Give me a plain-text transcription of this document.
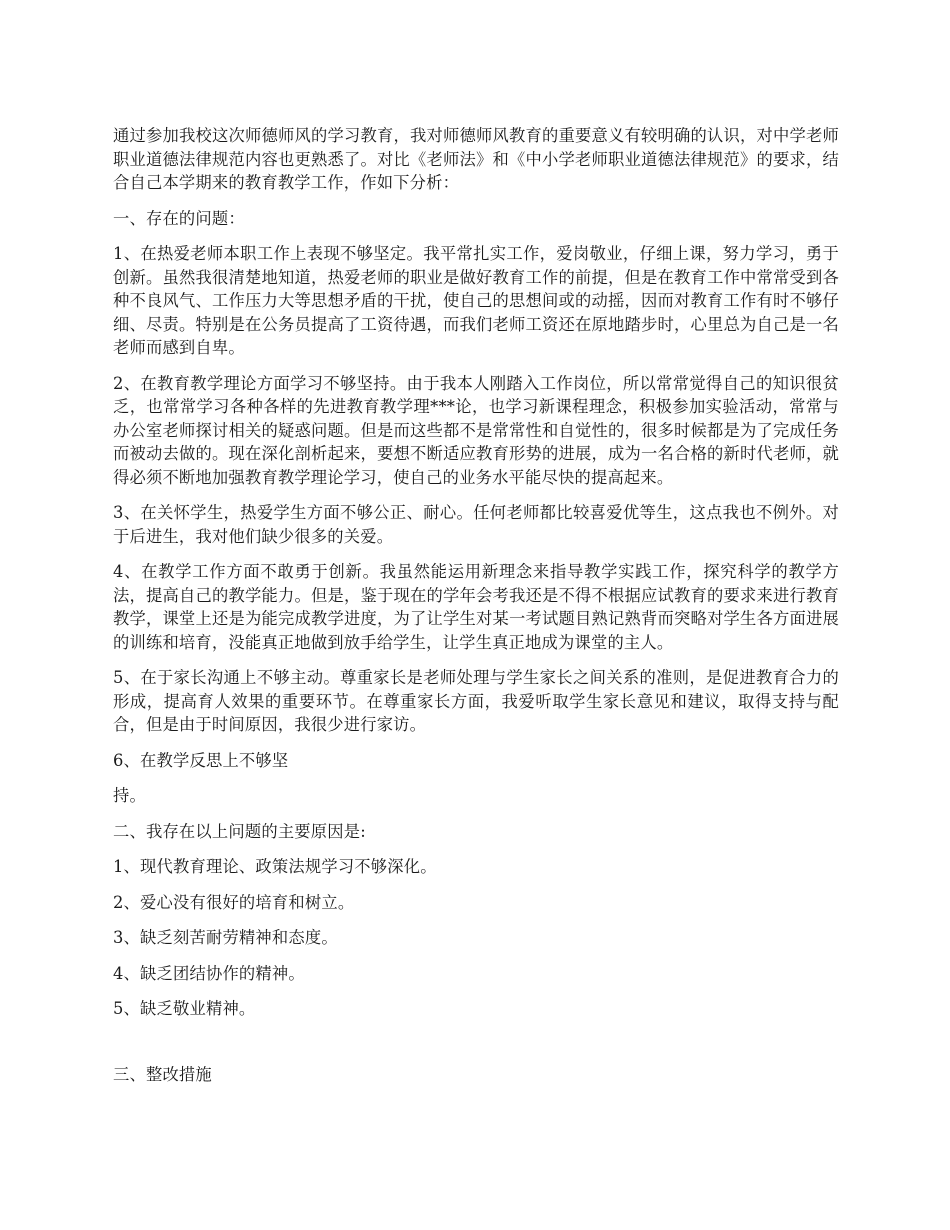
通过参加我校这次师德师风的学习教育，我对师德师风教育的重要意义有较明确的认识，对中学老师职业道德法律规范内容也更熟悉了。对比《老师法》和《中小学老师职业道德法律规范》的要求，结合自己本学期来的教育教学工作，作如下分析：

一、存在的问题：

1、在热爱老师本职工作上表现不够坚定。我平常扎实工作，爱岗敬业，仔细上课，努力学习，勇于创新。虽然我很清楚地知道，热爱老师的职业是做好教育工作的前提，但是在教育工作中常常受到各种不良风气、工作压力大等思想矛盾的干扰，使自己的思想间或的动摇，因而对教育工作有时不够仔细、尽责。特别是在公务员提高了工资待遇，而我们老师工资还在原地踏步时，心里总为自己是一名老师而感到自卑。

2、在教育教学理论方面学习不够坚持。由于我本人刚踏入工作岗位，所以常常觉得自己的知识很贫乏，也常常学习各种各样的先进教育教学理***论，也学习新课程理念，积极参加实验活动，常常与办公室老师探讨相关的疑惑问题。但是而这些都不是常常性和自觉性的，很多时候都是为了完成任务而被动去做的。现在深化剖析起来，要想不断适应教育形势的进展，成为一名合格的新时代老师，就得必须不断地加强教育教学理论学习，使自己的业务水平能尽快的提高起来。

3、在关怀学生，热爱学生方面不够公正、耐心。任何老师都比较喜爱优等生，这点我也不例外。对于后进生，我对他们缺少很多的关爱。

4、在教学工作方面不敢勇于创新。我虽然能运用新理念来指导教学实践工作，探究科学的教学方法，提高自己的教学能力。但是，鉴于现在的学年会考我还是不得不根据应试教育的要求来进行教育教学，课堂上还是为能完成教学进度，为了让学生对某一考试题目熟记熟背而突略对学生各方面进展的训练和培育，没能真正地做到放手给学生，让学生真正地成为课堂的主人。

5、在于家长沟通上不够主动。尊重家长是老师处理与学生家长之间关系的准则，是促进教育合力的形成，提高育人效果的重要环节。在尊重家长方面，我爱听取学生家长意见和建议，取得支持与配合，但是由于时间原因，我很少进行家访。

6、在教学反思上不够坚

持。

二、我存在以上问题的主要原因是:

1、现代教育理论、政策法规学习不够深化。

2、爱心没有很好的培育和树立。

3、缺乏刻苦耐劳精神和态度。

4、缺乏团结协作的精神。

5、缺乏敬业精神。

三、整改措施
